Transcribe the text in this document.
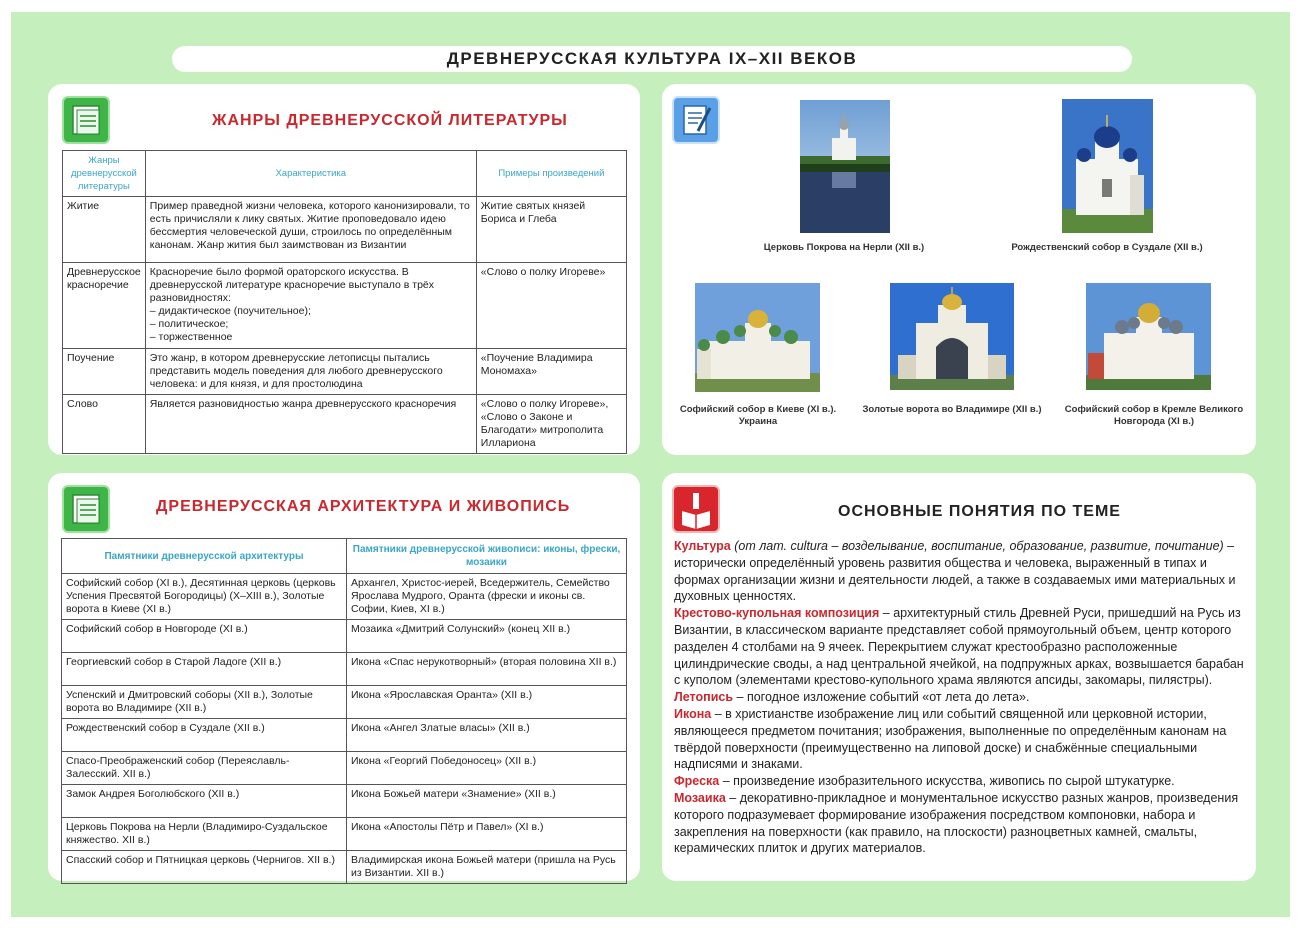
ДРЕВНЕРУССКАЯ КУЛЬТУРА IX–XII ВЕКОВ
ЖАНРЫ ДРЕВНЕРУССКОЙ ЛИТЕРАТУРЫ
Жанры древнерусской литературы	Характеристика	Примеры произведений
Житие	Пример праведной жизни человека, которого канонизировали, то есть причисляли к лику святых. Житие проповедовало идею бессмертия человеческой души, строилось по определённым канонам. Жанр жития был заимствован из Византии	Житие святых князей Бориса и Глеба
Древнерусское красноречие	Красноречие было формой ораторского искусства. В древнерусской литературе красноречие выступало в трёх разновидностях:
– дидактическое (поучительное);
– политическое;
– торжественное	«Слово о полку Игореве»
Поучение	Это жанр, в котором древнерусские летописцы пытались представить модель поведения для любого древнерусского человека: и для князя, и для простолюдина	«Поучение Владимира Мономаха»
Слово	Является разновидностью жанра древнерусского красноречия	«Слово о полку Игореве», «Слово о Законе и Благодати» митрополита Иллариона
Церковь Покрова на Нерли (XII в.)	Рождественский собор в Суздале (XII в.)
Софийский собор в Киеве (XI в.). Украина
Золотые ворота во Владимире (XII в.)	Софийский собор в Кремле Великого Новгорода (XI в.)
ДРЕВНЕРУССКАЯ АРХИТЕКТУРА И ЖИВОПИСЬ
Памятники древнерусской архитектуры	Памятники древнерусской живописи: иконы, фрески, мозаики
Софийский собор (XI в.), Десятинная церковь (церковь Успения Пресвятой Богородицы) (X–XIII в.), Золотые ворота в Киеве (XI в.)	Архангел, Христос-иерей, Вседержитель, Семейство Ярослава Мудрого, Оранта (фрески и иконы св. Софии, Киев, XI в.)
Софийский собор в Новгороде (XI в.)	Мозаика «Дмитрий Солунский» (конец XII в.)
Георгиевский собор в Старой Ладоге (XII в.)	Икона «Спас нерукотворный» (вторая половина XII в.)
Успенский и Дмитровский соборы (XII в.), Золотые ворота во Владимире (XII в.)	Икона «Ярославская Оранта» (XII в.)
Рождественский собор в Суздале (XII в.)	Икона «Ангел Златые власы» (XII в.)
Спасо-Преображенский собор (Переяславль-Залесский. XII в.)	Икона «Георгий Победоносец» (XII в.)
Замок Андрея Боголюбского (XII в.)	Икона Божьей матери «Знамение» (XII в.)
Церковь Покрова на Нерли (Владимиро-Суздальское княжество. XII в.)	Икона «Апостолы Пётр и Павел» (XI в.)
Спасский собор и Пятницкая церковь (Чернигов. XII в.)	Владимирская икона Божьей матери (пришла на Русь из Византии. XII в.)
ОСНОВНЫЕ ПОНЯТИЯ ПО ТЕМЕ

Культура (от лат. cultura – возделывание, воспитание, образование, развитие, почитание) – исторически определённый уровень развития общества и человека, выраженный в типах и формах организации жизни и деятельности людей, а также в создаваемых ими материальных и духовных ценностях.

Крестово-купольная композиция – архитектурный стиль Древней Руси, пришедший на Русь из Византии, в классическом варианте представляет собой прямоугольный объем, центр которого разделен 4 столбами на 9 ячеек. Перекрытием служат крестообразно расположенные цилиндрические своды, а над центральной ячейкой, на подпружных арках, возвышается барабан с куполом (элементами крестово-купольного храма являются апсиды, закомары, пилястры).

Летопись – погодное изложение событий «от лета до лета».

Икона – в христианстве изображение лиц или событий священной или церковной истории, являющееся предметом почитания; изображения, выполненные по определённым канонам на твёрдой поверхности (преимущественно на липовой доске) и снабжённые специальными надписями и знаками.

Фреска – произведение изобразительного искусства, живопись по сырой штукатурке.

Мозаика – декоративно-прикладное и монументальное искусство разных жанров, произведения которого подразумевает формирование изображения посредством компоновки, набора и закрепления на поверхности (как правило, на плоскости) разноцветных камней, смальты, керамических плиток и других материалов.
